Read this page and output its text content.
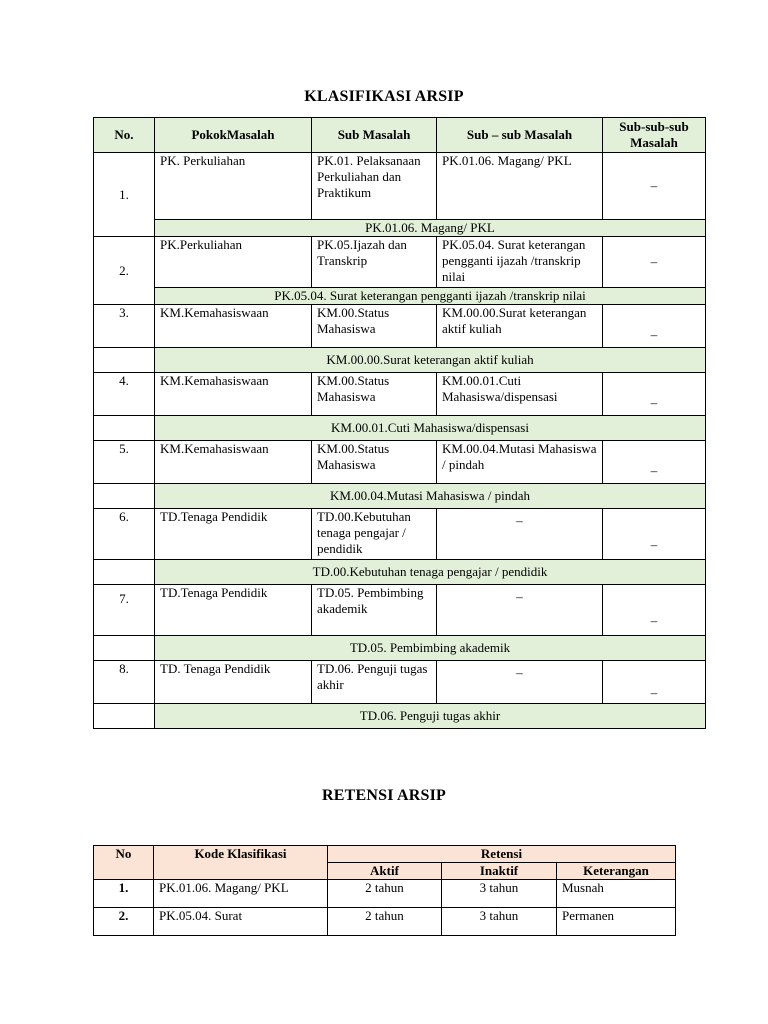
KLASIFIKASI ARSIP
No.	PokokMasalah	Sub Masalah	Sub – sub Masalah	Sub-sub-sub Masalah
1.	PK. Perkuliahan	PK.01. Pelaksanaan Perkuliahan dan Praktikum	PK.01.06. Magang/ PKL	–
	PK.01.06. Magang/ PKL			
2.	PK.Perkuliahan	PK.05.Ijazah dan Transkrip	PK.05.04. Surat keterangan pengganti ijazah /transkrip nilai	–
	PK.05.04. Surat keterangan pengganti ijazah /transkrip nilai			
3.	KM.Kemahasiswaan	KM.00.Status Mahasiswa	KM.00.00.Surat keterangan aktif kuliah	–
	KM.00.00.Surat keterangan aktif kuliah			
4.	KM.Kemahasiswaan	KM.00.Status Mahasiswa	KM.00.01.Cuti Mahasiswa/dispensasi	–
	KM.00.01.Cuti Mahasiswa/dispensasi			
5.	KM.Kemahasiswaan	KM.00.Status Mahasiswa	KM.00.04.Mutasi Mahasiswa / pindah	–
	KM.00.04.Mutasi Mahasiswa / pindah			
6.	TD.Tenaga Pendidik	TD.00.Kebutuhan tenaga pengajar / pendidik	–	–
	TD.00.Kebutuhan tenaga pengajar / pendidik			
7.	TD.Tenaga Pendidik	TD.05. Pembimbing akademik	–	–
	TD.05. Pembimbing akademik			
8.	TD. Tenaga Pendidik	TD.06. Penguji tugas akhir	–	–
	TD.06. Penguji tugas akhir			
RETENSI ARSIP
No	Kode Klasifikasi	Retensi		
		Aktif	Inaktif	Keterangan
1.	PK.01.06. Magang/ PKL	2 tahun	3 tahun	Musnah
2.	PK.05.04. Surat	2 tahun	3 tahun	Permanen
